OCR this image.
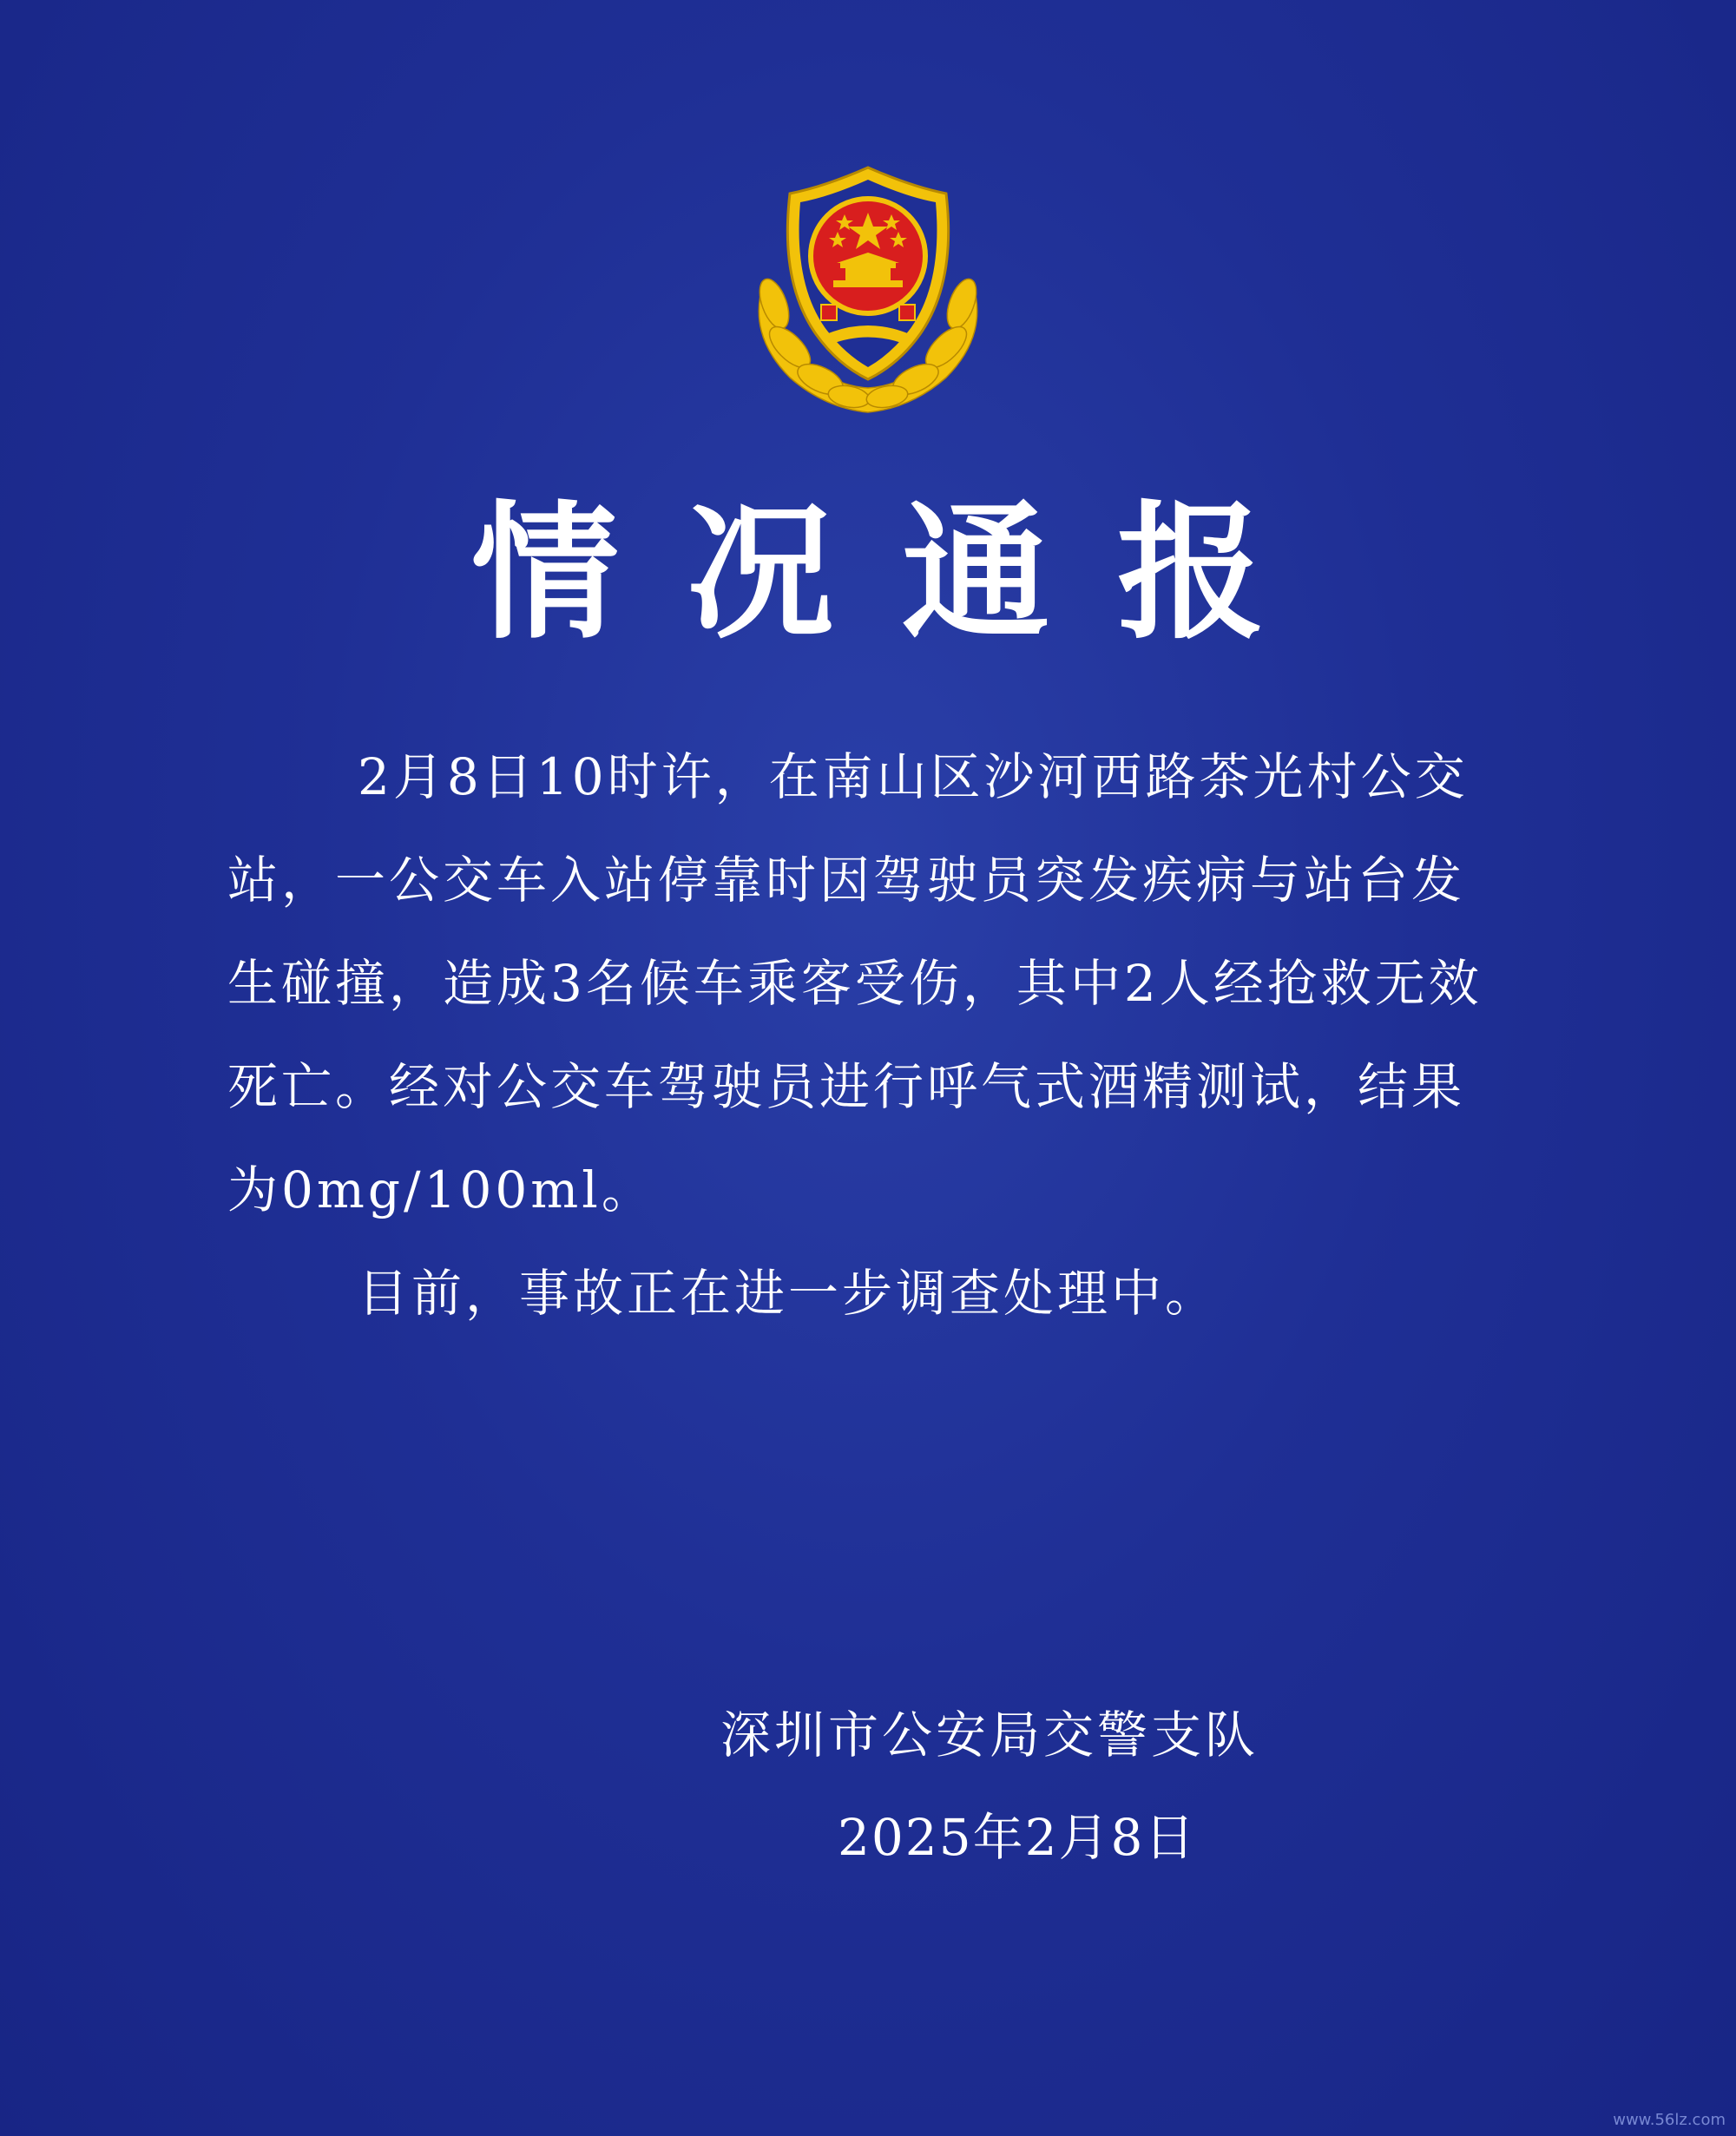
情况通报

2月8日10时许，在南山区沙河西路茶光村公交站，一公交车入站停靠时因驾驶员突发疾病与站台发生碰撞，造成3名候车乘客受伤，其中2人经抢救无效死亡。经对公交车驾驶员进行呼气式酒精测试，结果为0mg/100ml。

目前，事故正在进一步调查处理中。

深圳市公安局交警支队
2025年2月8日
www.56lz.com
